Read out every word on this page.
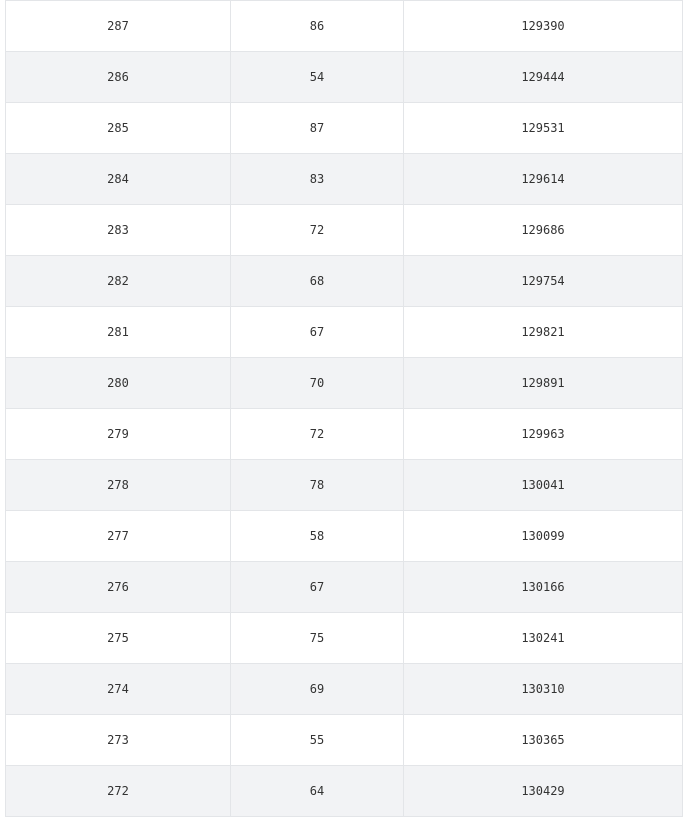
287	86	129390
286	54	129444
285	87	129531
284	83	129614
283	72	129686
282	68	129754
281	67	129821
280	70	129891
279	72	129963
278	78	130041
277	58	130099
276	67	130166
275	75	130241
274	69	130310
273	55	130365
272	64	130429
